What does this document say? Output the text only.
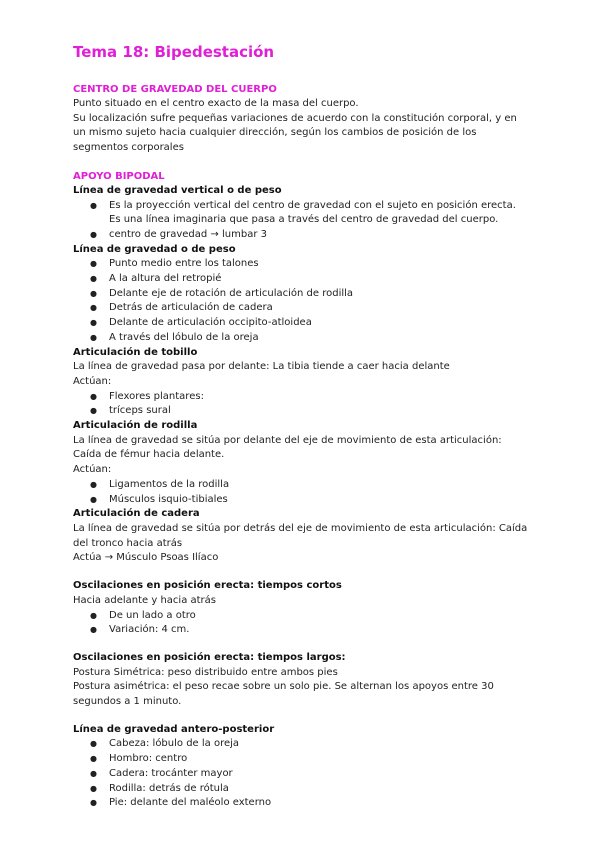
Tema 18: Bipedestación
CENTRO DE GRAVEDAD DEL CUERPO
Punto situado en el centro exacto de la masa del cuerpo.
Su localización sufre pequeñas variaciones de acuerdo con la constitución corporal, y en un mismo sujeto hacia cualquier dirección, según los cambios de posición de los segmentos corporales
APOYO BIPODAL
Línea de gravedad vertical o de peso
● Es la proyección vertical del centro de gravedad con el sujeto en posición erecta. Es una línea imaginaria que pasa a través del centro de gravedad del cuerpo.
● centro de gravedad → lumbar 3
Línea de gravedad o de peso
● Punto medio entre los talones
● A la altura del retropié
● Delante eje de rotación de articulación de rodilla
● Detrás de articulación de cadera
● Delante de articulación occipito-atloidea
● A través del lóbulo de la oreja
Articulación de tobillo
La línea de gravedad pasa por delante: La tibia tiende a caer hacia delante
Actúan:
● Flexores plantares:
● tríceps sural
Articulación de rodilla
La línea de gravedad se sitúa por delante del eje de movimiento de esta articulación: Caída de fémur hacia delante.
Actúan:
● Ligamentos de la rodilla
● Músculos isquio-tibiales
Articulación de cadera
La línea de gravedad se sitúa por detrás del eje de movimiento de esta articulación: Caída del tronco hacia atrás
Actúa → Músculo Psoas Ilíaco
Oscilaciones en posición erecta: tiempos cortos
Hacia adelante y hacia atrás
● De un lado a otro
● Variación: 4 cm.
Oscilaciones en posición erecta: tiempos largos:
Postura Simétrica: peso distribuido entre ambos pies
Postura asimétrica: el peso recae sobre un solo pie. Se alternan los apoyos entre 30 segundos a 1 minuto.
Línea de gravedad antero-posterior
● Cabeza: lóbulo de la oreja
● Hombro: centro
● Cadera: trocánter mayor
● Rodilla: detrás de rótula
● Pie: delante del maléolo externo
